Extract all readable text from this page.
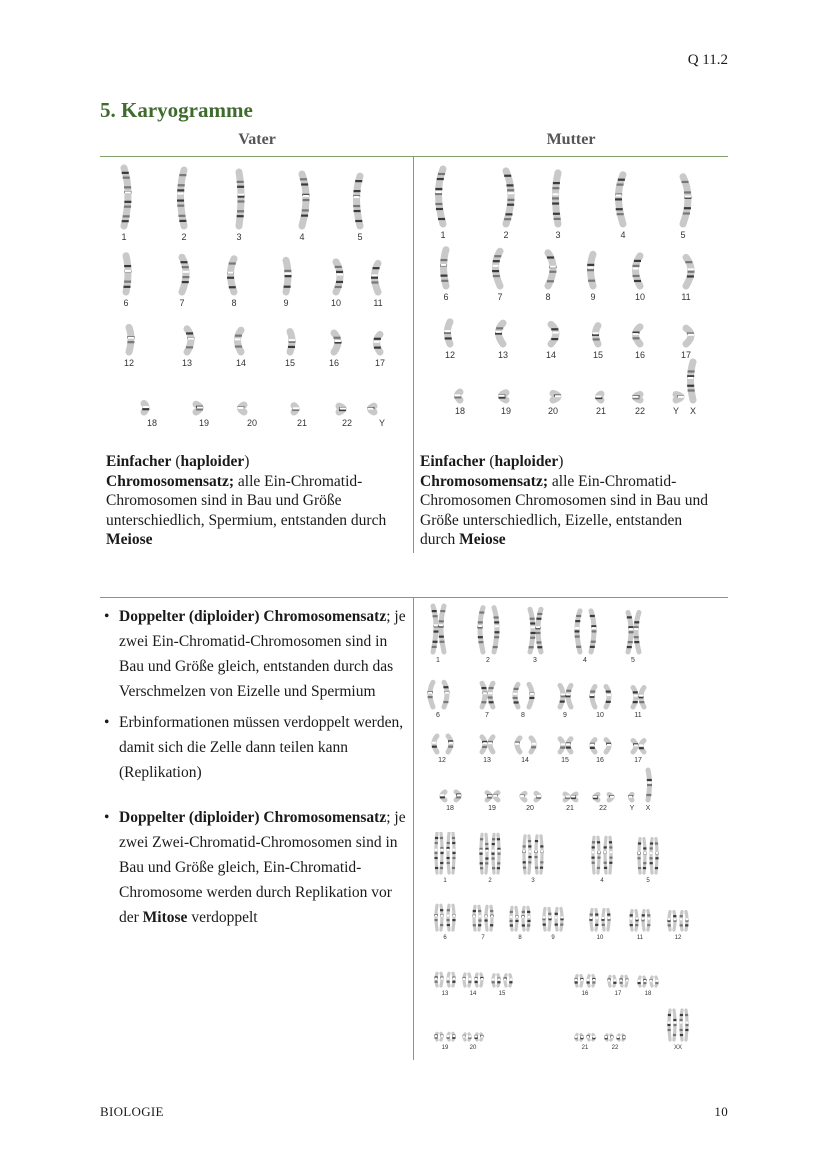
Q 11.2
5. Karyogramme
Vater	Mutter
1	2	3	4	5
6	7	8	9	10	11
12	13	14	15	16	17
18	19	20	21	22	Y
1	2	3	4	5
6	7	8	9	10	11
12	13	14	15	16	17
18	19	20	21	22	Y X
Einfacher (haploider)
Chromosomensatz; alle Ein-Chromatid-Chromosomen sind in Bau und Größe unterschiedlich, Spermium, entstanden durch Meiose
Einfacher (haploider)
Chromosomensatz; alle Ein-Chromatid-Chromosomen Chromosomen sind in Bau und Größe unterschiedlich, Eizelle, entstanden durch Meiose
• Doppelter (diploider) Chromosomensatz; je zwei Ein-Chromatid-Chromosomen sind in Bau und Größe gleich, entstanden durch das Verschmelzen von Eizelle und Spermium
• Erbinformationen müssen verdoppelt werden, damit sich die Zelle dann teilen kann (Replikation)
• Doppelter (diploider) Chromosomensatz; je zwei Zwei-Chromatid-Chromosomen sind in Bau und Größe gleich, Ein-Chromatid-Chromosome werden durch Replikation vor der Mitose verdoppelt
1	2	3	4	5
6	7	8	9	10	11
12	13	14	15	16	17
18	19	20	21	22	Y X
1	2	3	4	5
6	7	8	9	10	11	12
13	14	15	16	17	18
19	20	21	22	XX
BIOLOGIE	10
